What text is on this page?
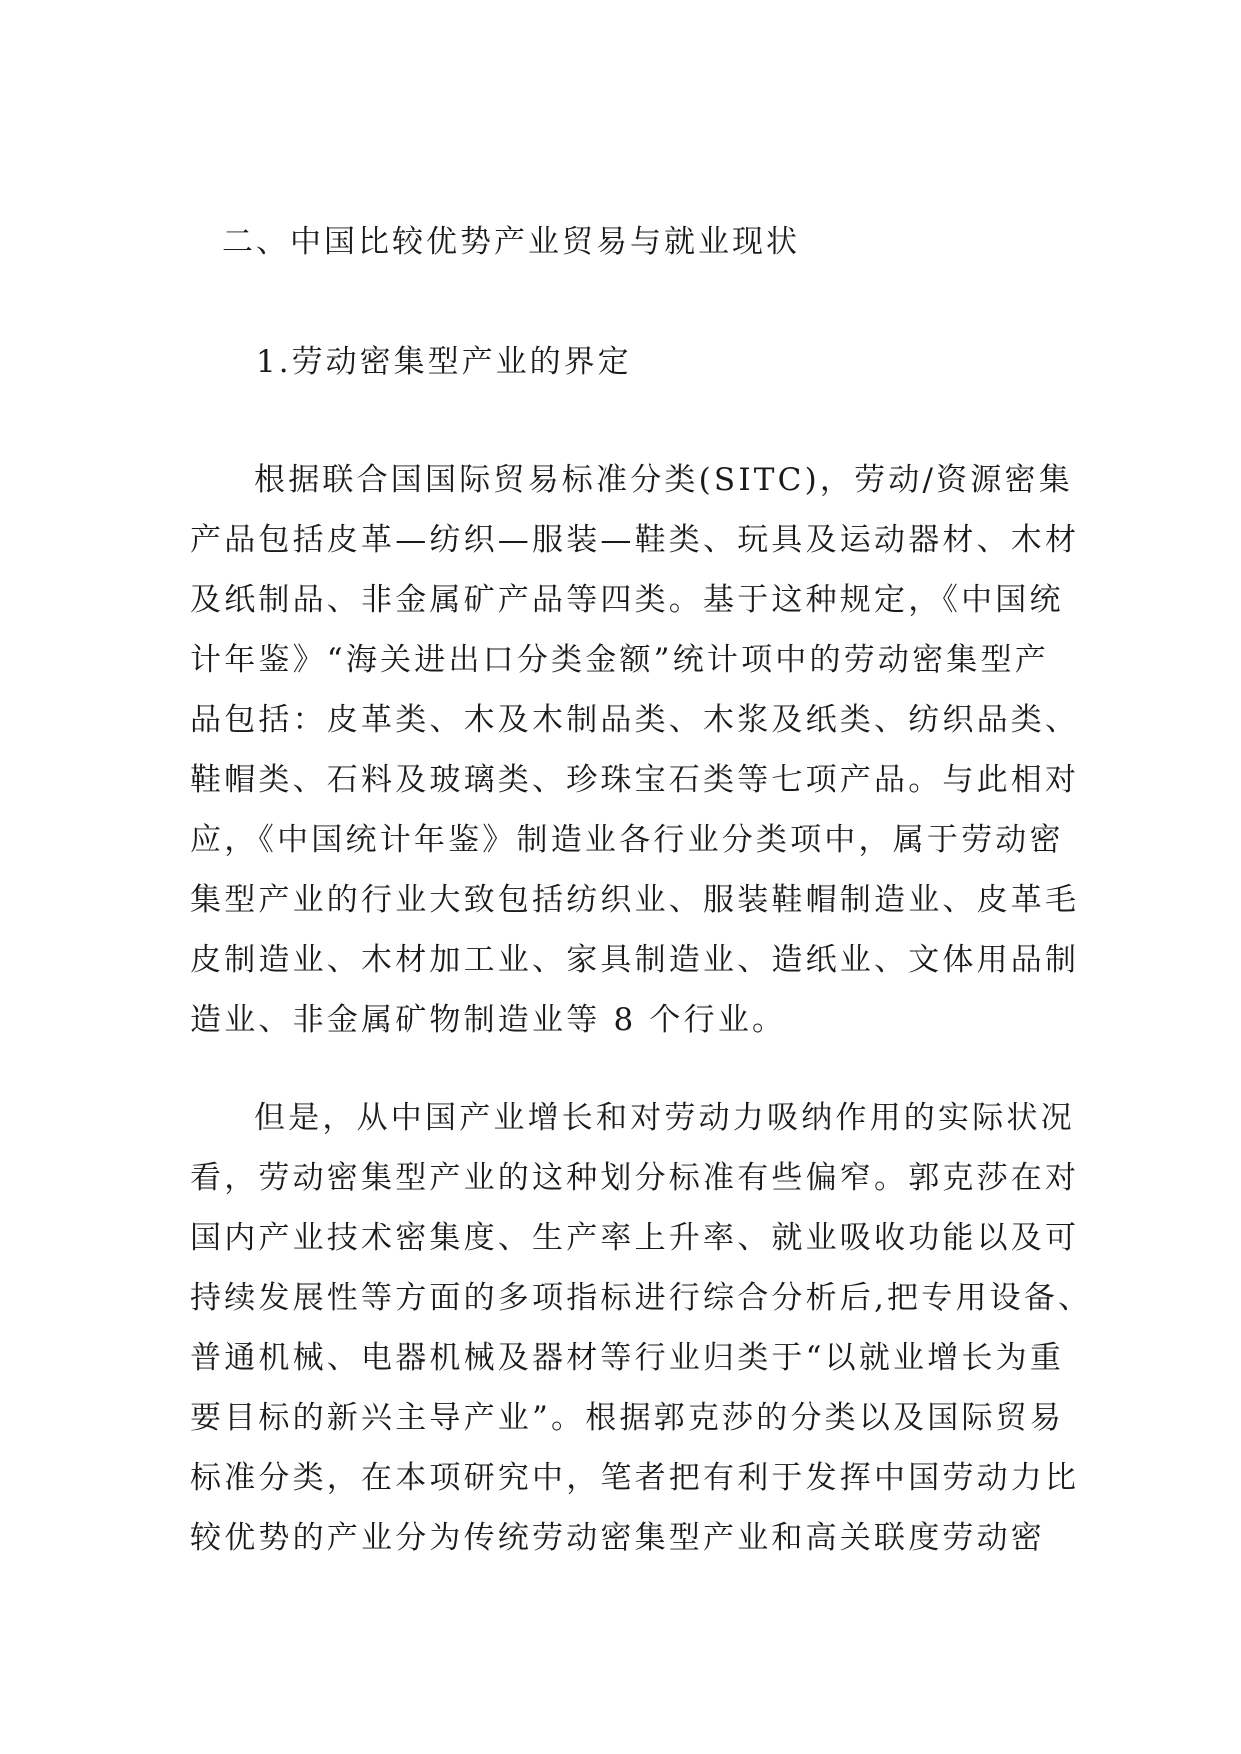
二、中国比较优势产业贸易与就业现状
1.劳动密集型产业的界定
根据联合国国际贸易标准分类(SITC)，劳动/资源密集
产品包括皮革—纺织—服装—鞋类、玩具及运动器材、木材
及纸制品、非金属矿产品等四类。基于这种规定，《中国统
计年鉴》“海关进出口分类金额”统计项中的劳动密集型产
品包括：皮革类、木及木制品类、木浆及纸类、纺织品类、
鞋帽类、石料及玻璃类、珍珠宝石类等七项产品。与此相对
应，《中国统计年鉴》制造业各行业分类项中，属于劳动密
集型产业的行业大致包括纺织业、服装鞋帽制造业、皮革毛
皮制造业、木材加工业、家具制造业、造纸业、文体用品制
造业、非金属矿物制造业等 8 个行业。
但是，从中国产业增长和对劳动力吸纳作用的实际状况
看，劳动密集型产业的这种划分标准有些偏窄。郭克莎在对
国内产业技术密集度、生产率上升率、就业吸收功能以及可
持续发展性等方面的多项指标进行综合分析后,把专用设备、
普通机械、电器机械及器材等行业归类于“以就业增长为重
要目标的新兴主导产业”。根据郭克莎的分类以及国际贸易
标准分类，在本项研究中，笔者把有利于发挥中国劳动力比
较优势的产业分为传统劳动密集型产业和高关联度劳动密
